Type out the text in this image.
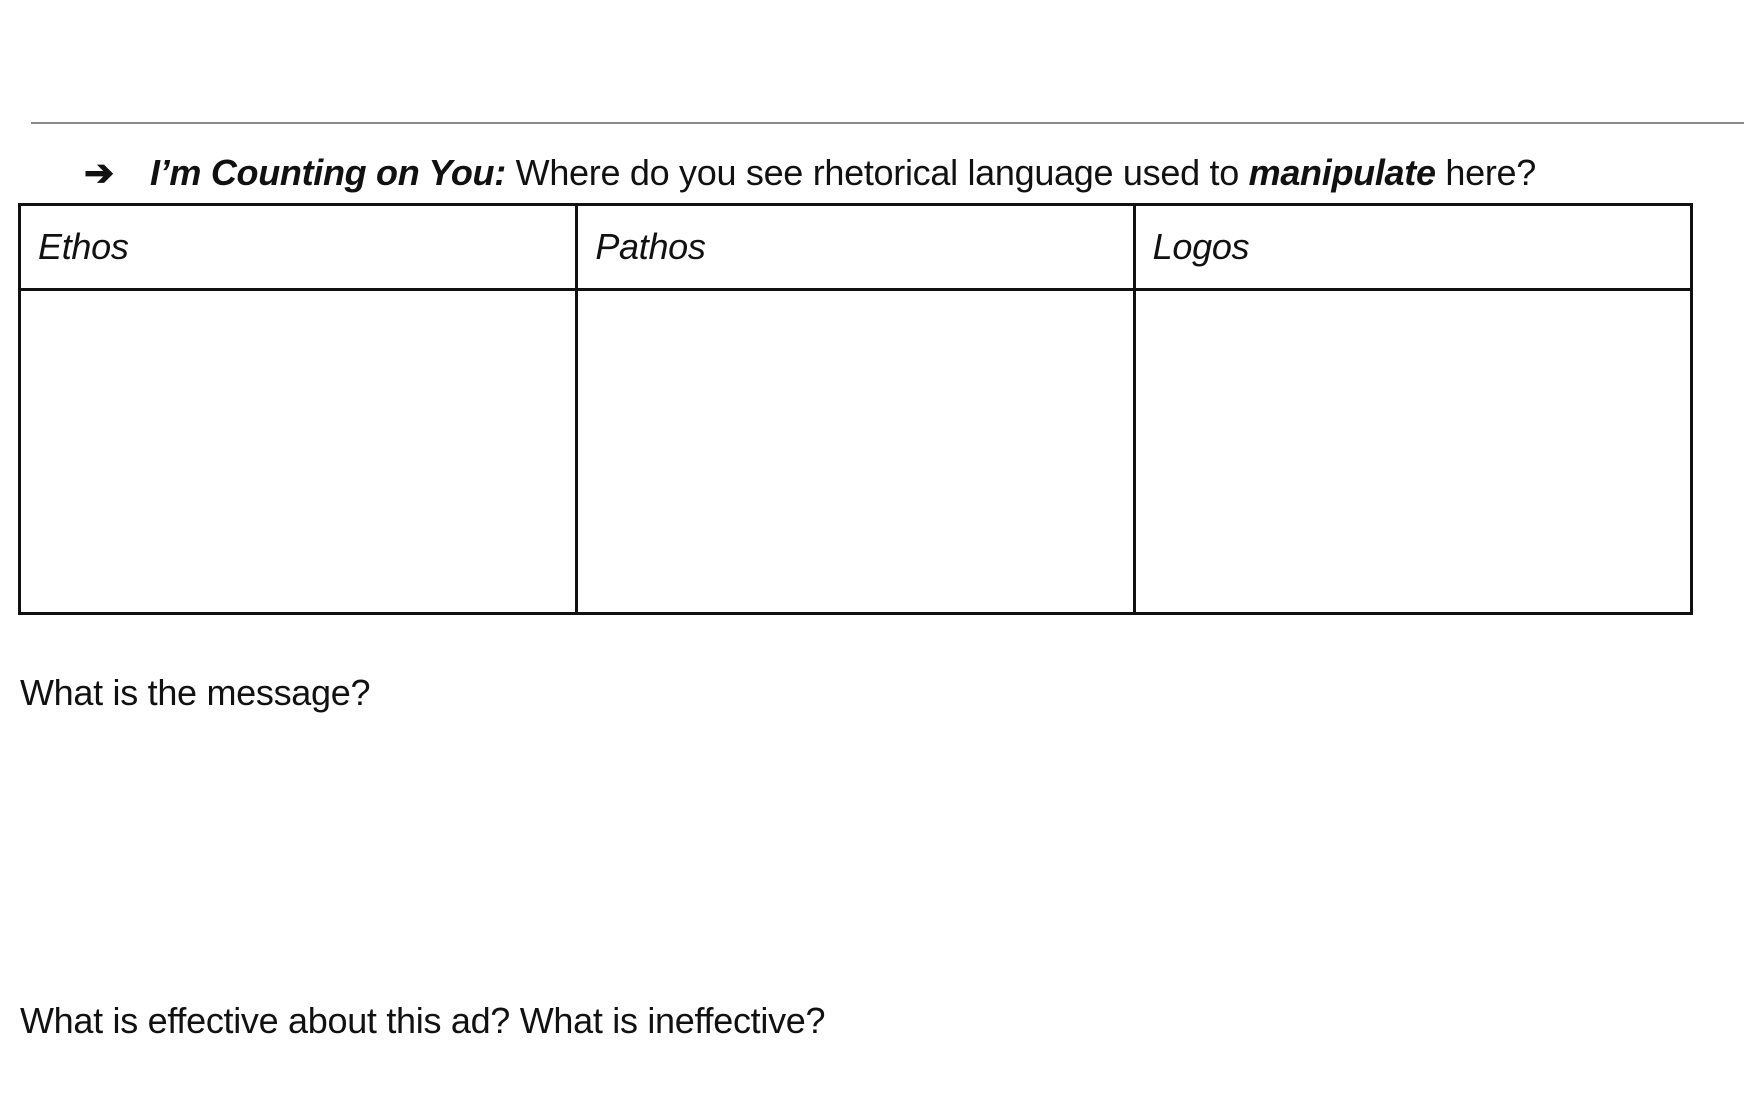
➔	I’m Counting on You: Where do you see rhetorical language used to manipulate here?
Ethos	Pathos	Logos

What is the message?
What is effective about this ad? What is ineffective?
